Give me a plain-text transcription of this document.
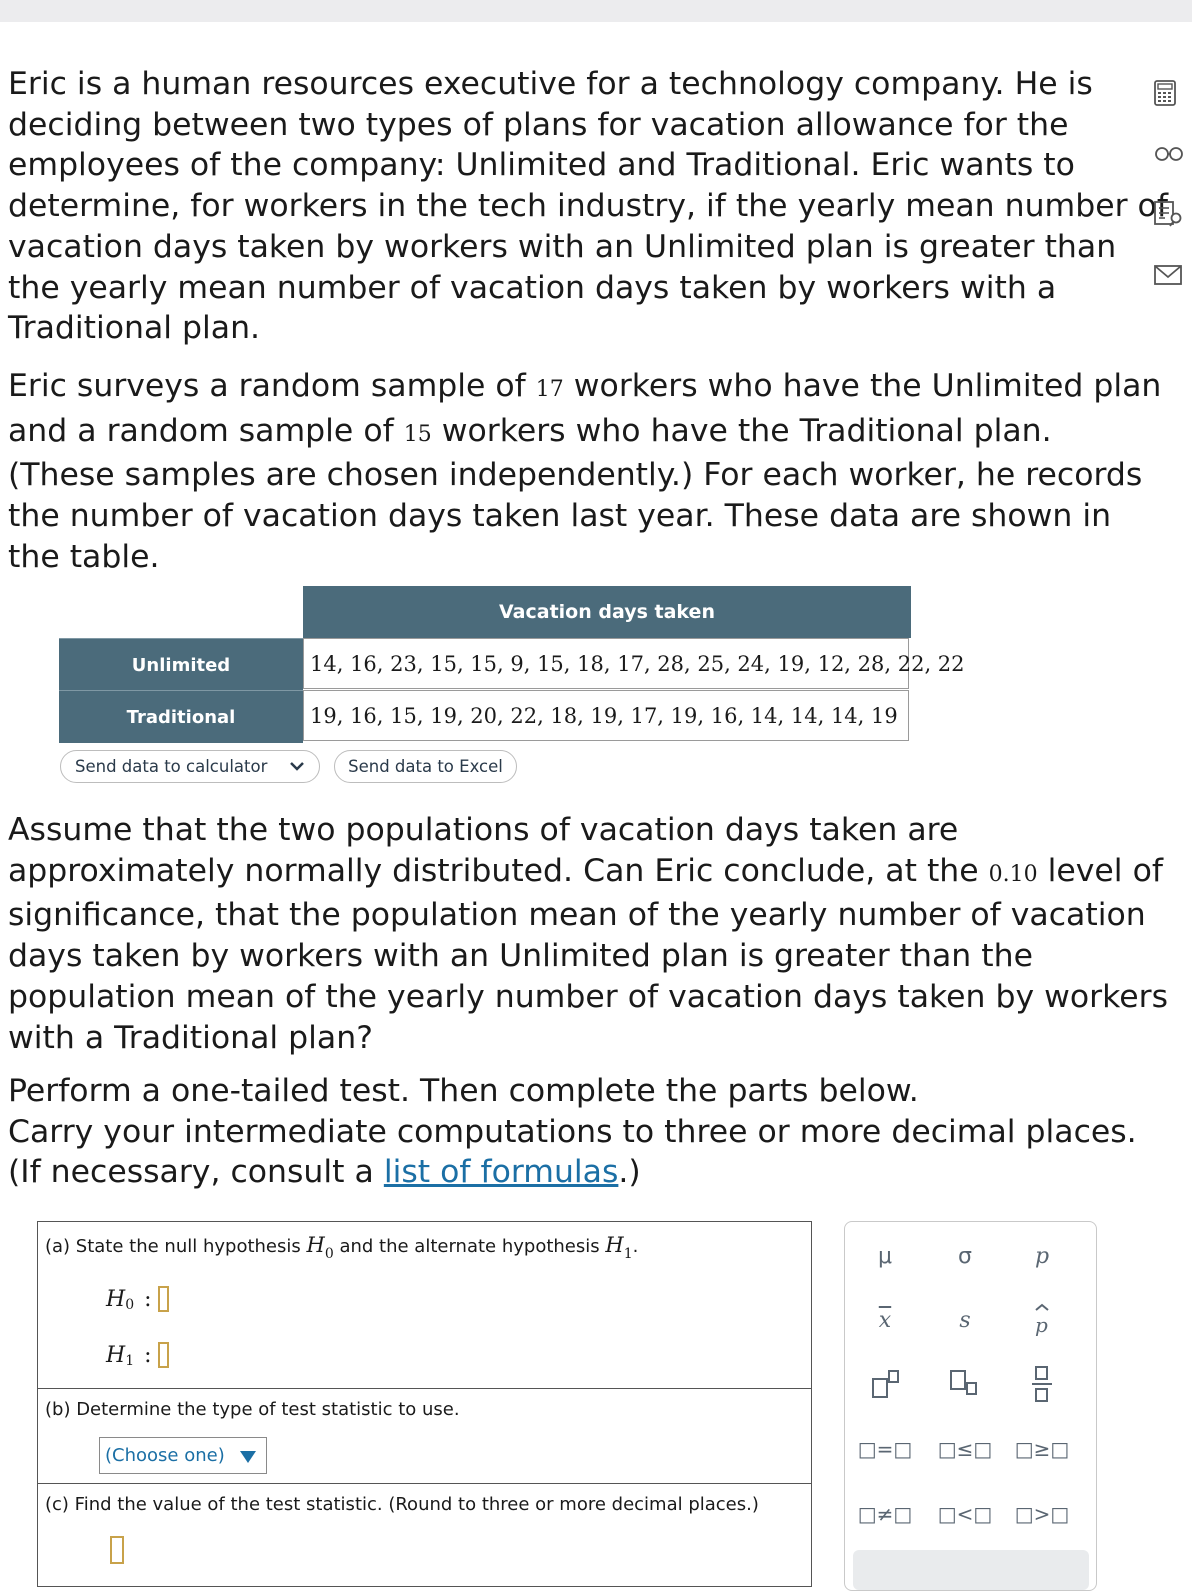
Eric is a human resources executive for a technology company. He is deciding between two types of plans for vacation allowance for the employees of the company: Unlimited and Traditional. Eric wants to determine, for workers in the tech industry, if the yearly mean number of vacation days taken by workers with an Unlimited plan is greater than the yearly mean number of vacation days taken by workers with a Traditional plan.

Eric surveys a random sample of 17 workers who have the Unlimited plan and a random sample of 15 workers who have the Traditional plan. (These samples are chosen independently.) For each worker, he records the number of vacation days taken last year. These data are shown in the table.

Vacation days taken
Unlimited	14, 16, 23, 15, 15, 9, 15, 18, 17, 28, 25, 24, 19, 12, 28, 22, 22
Traditional	19, 16, 15, 19, 20, 22, 18, 19, 17, 19, 16, 14, 14, 14, 19
Send data to calculator	Send data to Excel

Assume that the two populations of vacation days taken are approximately normally distributed. Can Eric conclude, at the 0.10 level of significance, that the population mean of the yearly number of vacation days taken by workers with an Unlimited plan is greater than the population mean of the yearly number of vacation days taken by workers with a Traditional plan?

Perform a one-tailed test. Then complete the parts below.
Carry your intermediate computations to three or more decimal places.
(If necessary, consult a list of formulas.)

(a) State the null hypothesis $H_0$ and the alternate hypothesis $H_1$.
H 0 :
H 1 :
(b) Determine the type of test statistic to use.
(Choose one)
(c) Find the value of the test statistic. (Round to three or more decimal places.)
μ	σ	p
$\overline{x}$	s	p
□=□ □≤□ □≥□
□≠□ □<□ □>□
